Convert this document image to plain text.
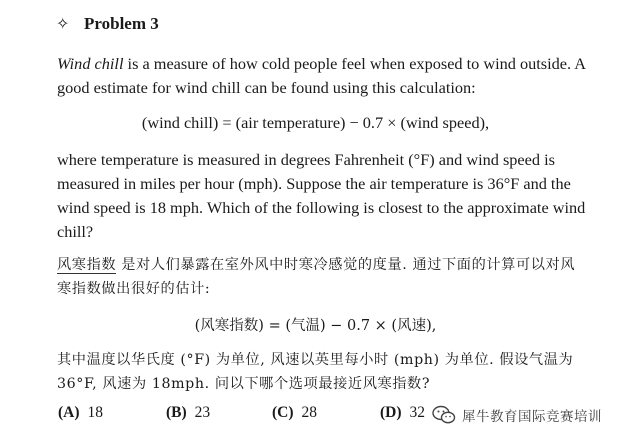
✧ Problem 3
Wind chill is a measure of how cold people feel when exposed to wind outside. A
good estimate for wind chill can be found using this calculation:
(wind chill) = (air temperature) − 0.7 × (wind speed),
where temperature is measured in degrees Fahrenheit (°F) and wind speed is
measured in miles per hour (mph). Suppose the air temperature is 36°F and the
wind speed is 18 mph. Which of the following is closest to the approximate wind
chill?
风寒指数 是对人们暴露在室外风中时寒冷感觉的度量. 通过下面的计算可以对风
寒指数做出很好的估计:
(风寒指数) = (气温) − 0.7 × (风速),
其中温度以华氏度 (°F) 为单位, 风速以英里每小时 (mph) 为单位. 假设气温为
36°F, 风速为 18mph. 问以下哪个选项最接近风寒指数?
(A) 18	(B) 23	(C) 28	(D) 32	犀牛教育国际竞赛培训
